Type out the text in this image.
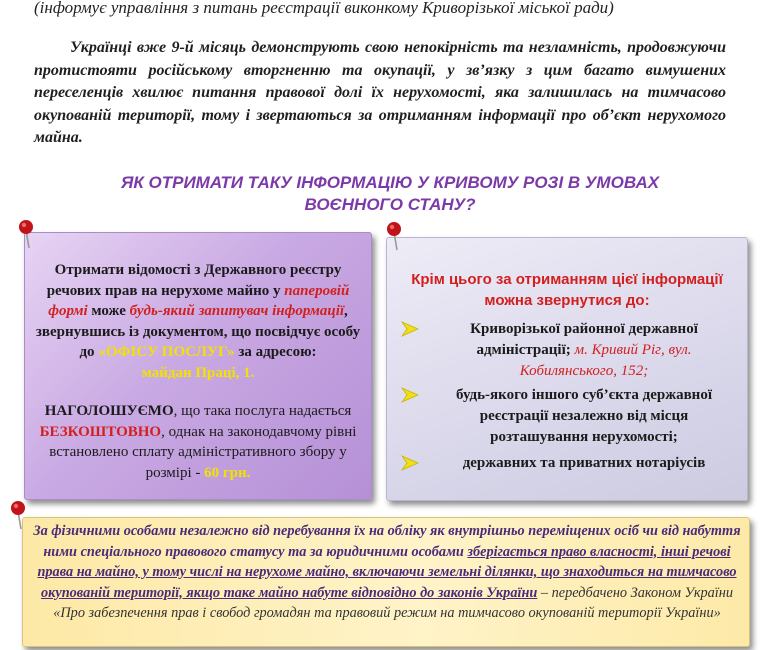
(інформує управління з питань реєстрації виконкому Криворізької міської ради)
Українці вже 9-й місяць демонструють свою непокірність та незламність, продовжуючи протистояти російському вторгненню та окупації, у зв’язку з цим багато вимушених переселенців хвилює питання правової долі їх нерухомості, яка залишилась на тимчасово окупованій території, тому і звертаються за отриманням інформації про об’єкт нерухомого майна.
ЯК ОТРИМАТИ ТАКУ ІНФОРМАЦІЮ У КРИВОМУ РОЗІ В УМОВАХ
ВОЄННОГО СТАНУ?
Отримати відомості з Державного реєстру речових прав на нерухоме майно у паперовій формі може будь-який запитувач інформації, звернувшись із документом, що посвідчує особу до «ОФІСУ ПОСЛУГ» за адресою:
майдан Праці, 1.
НАГОЛОШУЄМО, що така послуга надається БЕЗКОШТОВНО, однак на законодавчому рівні встановлено сплату адміністративного збору у розмірі - 60 грн.
Крім цього за отриманням цієї інформації можна звернутися до:
Криворізької районної державної адміністрації; м. Кривий Ріг, вул. Кобилянського, 152;
будь-якого іншого суб’єкта державної реєстрації незалежно від місця розташування нерухомості;
державних та приватних нотаріусів
За фізичними особами незалежно від перебування їх на обліку як внутрішньо переміщених осіб чи від набуття ними спеціального правового статусу та за юридичними особами зберігається право власності, інші речові права на майно, у тому числі на нерухоме майно, включаючи земельні ділянки, що знаходиться на тимчасово окупованій території, якщо таке майно набуте відповідно до законів України – передбачено Законом України «Про забезпечення прав і свобод громадян та правовий режим на тимчасово окупованій території України»
